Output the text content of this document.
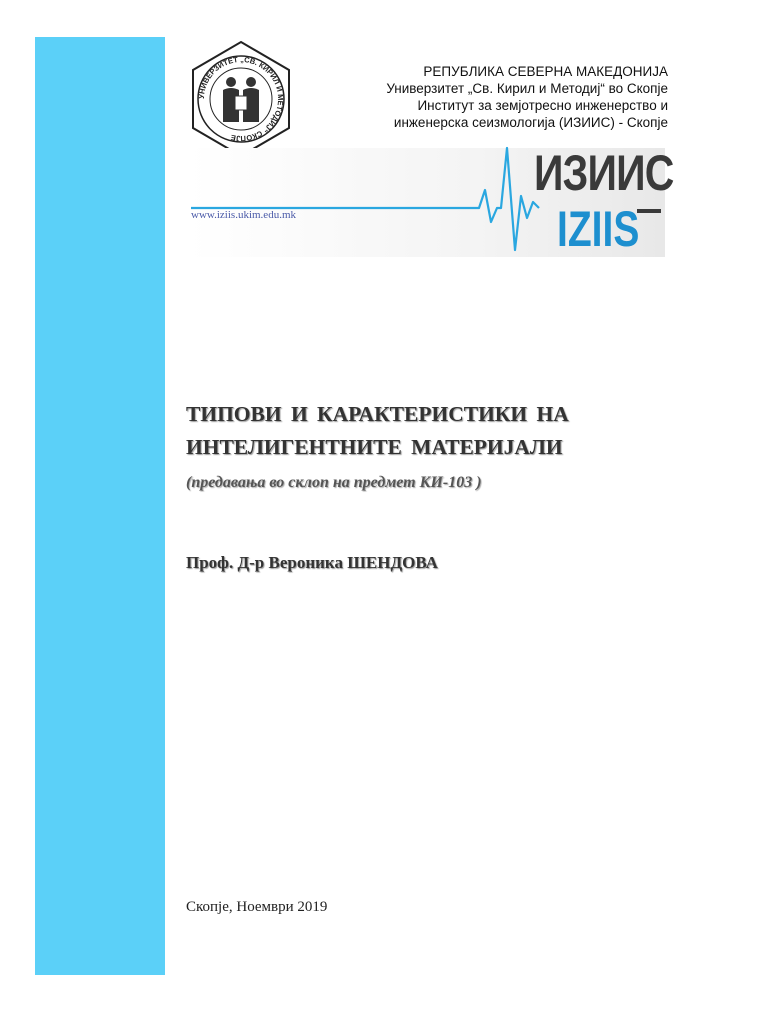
УНИВЕРЗИТЕТ „СВ. КИРИЛ И МЕТОДИЈ“ СКОПЈЕ
РЕПУБЛИКА СЕВЕРНА МАКЕДОНИЈА
Универзитет „Св. Кирил и Методиј“ во Скопје
Институт за земјотресно инженерство и
инженерска сеизмологија (ИЗИИС) - Скопје
www.iziis.ukim.edu.mk
ИЗИИС
IZIIS
ТИПОВИ И КАРАКТЕРИСТИКИ НА
ИНТЕЛИГЕНТНИТЕ МАТЕРИЈАЛИ
(предавања во склоп на предмет КИ-103 )
Проф. Д-р Вероника ШЕНДОВА
Скопје, Ноември 2019
